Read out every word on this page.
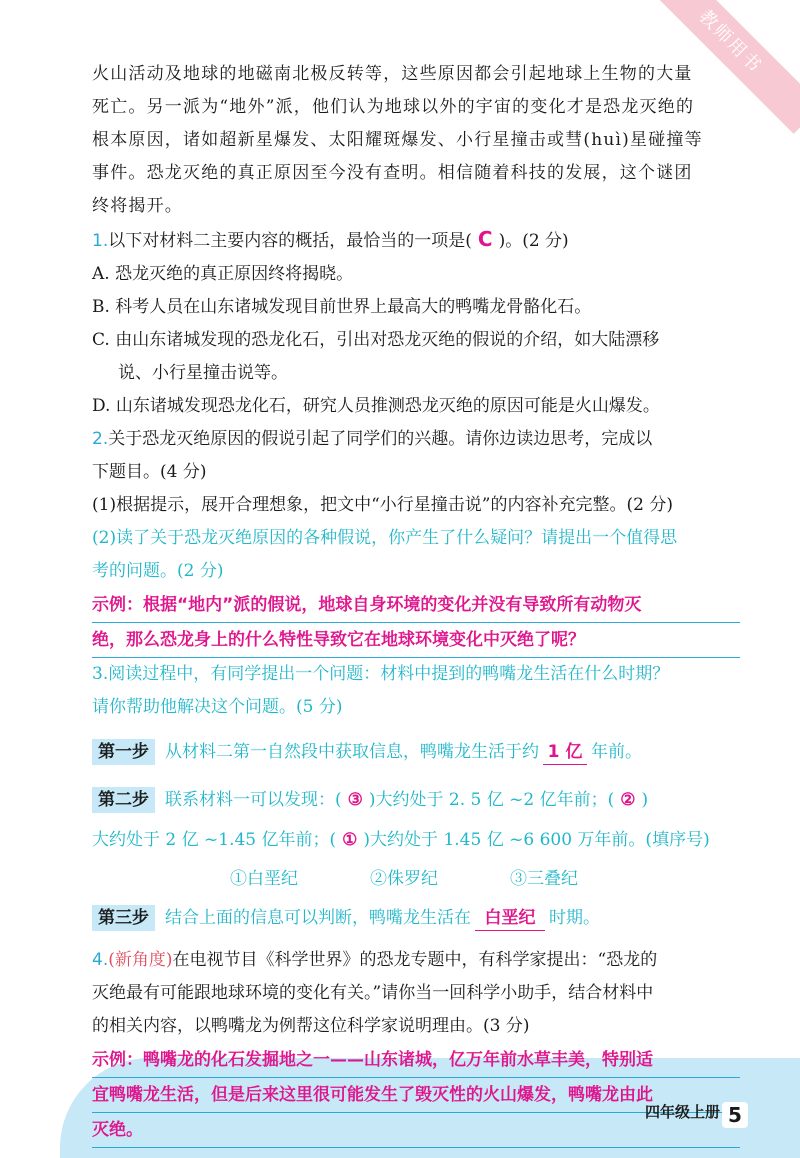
教师用书

火山活动及地球的地磁南北极反转等，这些原因都会引起地球上生物的大量

死亡。另一派为“地外”派，他们认为地球以外的宇宙的变化才是恐龙灭绝的

根本原因，诸如超新星爆发、太阳耀斑爆发、小行星撞击或彗(huì)星碰撞等

事件。恐龙灭绝的真正原因至今没有查明。相信随着科技的发展，这个谜团

终将揭开。

1.以下对材料二主要内容的概括，最恰当的一项是( C )。(2 分)

A. 恐龙灭绝的真正原因终将揭晓。

B. 科考人员在山东诸城发现目前世界上最高大的鸭嘴龙骨骼化石。

C. 由山东诸城发现的恐龙化石，引出对恐龙灭绝的假说的介绍，如大陆漂移

说、小行星撞击说等。

D. 山东诸城发现恐龙化石，研究人员推测恐龙灭绝的原因可能是火山爆发。

2.关于恐龙灭绝原因的假说引起了同学们的兴趣。请你边读边思考，完成以

下题目。(4 分)

(1)根据提示，展开合理想象，把文中“小行星撞击说”的内容补充完整。(2 分)

(2)读了关于恐龙灭绝原因的各种假说，你产生了什么疑问？请提出一个值得思

考的问题。(2 分)

示例：根据“地内”派的假说，地球自身环境的变化并没有导致所有动物灭

绝，那么恐龙身上的什么特性导致它在地球环境变化中灭绝了呢？

3.阅读过程中，有同学提出一个问题：材料中提到的鸭嘴龙生活在什么时期？

请你帮助他解决这个问题。(5 分)

第一步 从材料二第一自然段中获取信息，鸭嘴龙生活于约 1 亿 年前。

第二步 联系材料一可以发现：( ③ )大约处于 2. 5 亿 ~2 亿年前；( ② )

大约处于 2 亿 ~1.45 亿年前；( ① )大约处于 1.45 亿 ~6 600 万年前。(填序号)

①白垩纪	②侏罗纪	③三叠纪

第三步 结合上面的信息可以判断，鸭嘴龙生活在 白垩纪 时期。

4.(新角度)在电视节目《科学世界》的恐龙专题中，有科学家提出：“恐龙的

灭绝最有可能跟地球环境的变化有关。”请你当一回科学小助手，结合材料中

的相关内容，以鸭嘴龙为例帮这位科学家说明理由。(3 分)

示例：鸭嘴龙的化石发掘地之一——山东诸城，亿万年前水草丰美，特别适

宜鸭嘴龙生活，但是后来这里很可能发生了毁灭性的火山爆发，鸭嘴龙由此

灭绝。

四年级上册 5
